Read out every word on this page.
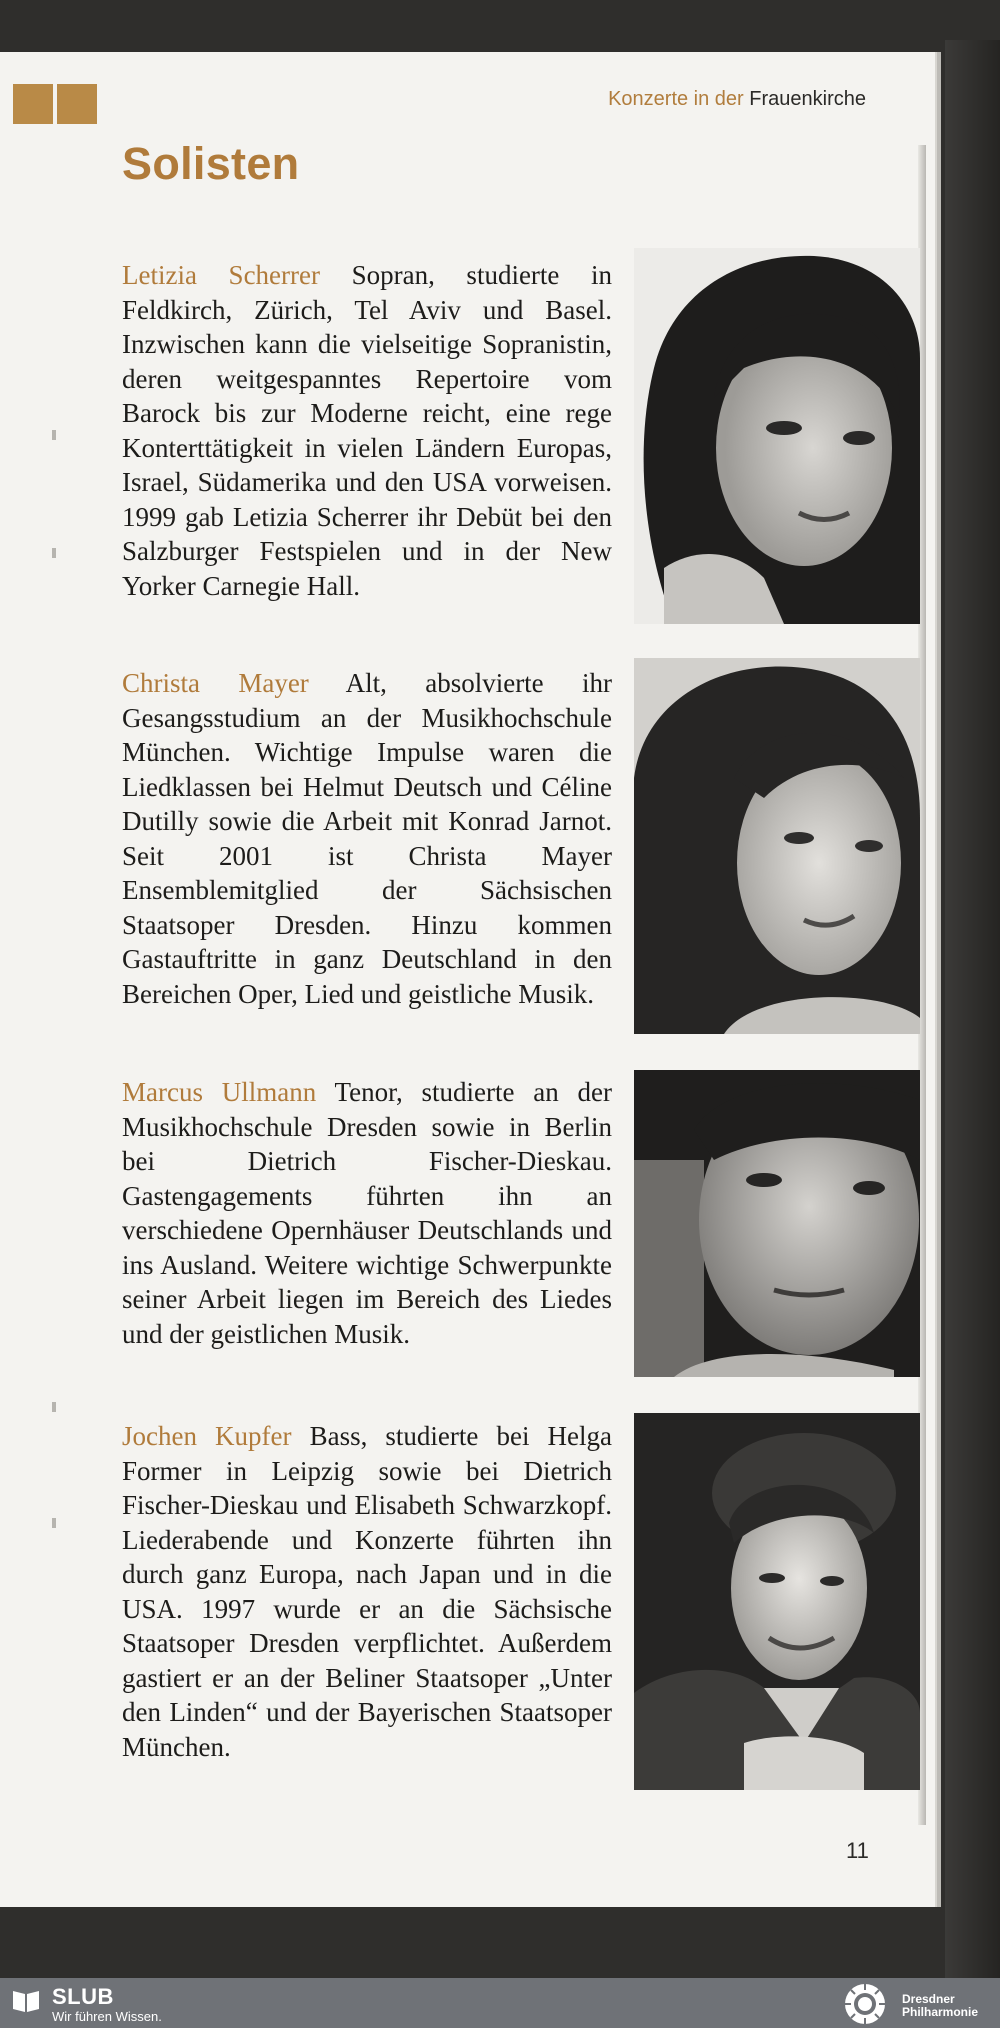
Konzerte in der Frauenkirche
Solisten

Letizia Scherrer Sopran, studierte in Feldkirch, Zürich, Tel Aviv und Basel. Inzwischen kann die vielseitige Sopranistin, deren weitgespanntes Repertoire vom Barock bis zur Moderne reicht, eine rege Konterttätigkeit in vielen Ländern Europas, Israel, Südamerika und den USA vorweisen. 1999 gab Letizia Scherrer ihr Debüt bei den Salzburger Festspielen und in der New Yorker Carnegie Hall.

Christa Mayer Alt, absolvierte ihr Gesangsstudium an der Musikhochschule München. Wichtige Impulse waren die Liedklassen bei Helmut Deutsch und Céline Dutilly sowie die Arbeit mit Konrad Jarnot. Seit 2001 ist Christa Mayer Ensemblemitglied der Sächsischen Staatsoper Dresden. Hinzu kommen Gastauftritte in ganz Deutschland in den Bereichen Oper, Lied und geistliche Musik.

Marcus Ullmann Tenor, studierte an der Musikhochschule Dresden sowie in Berlin bei Dietrich Fischer-Dieskau. Gastengagements führten ihn an verschiedene Opernhäuser Deutschlands und ins Ausland. Weitere wichtige Schwerpunkte seiner Arbeit liegen im Bereich des Liedes und der geistlichen Musik.

Jochen Kupfer Bass, studierte bei Helga Former in Leipzig sowie bei Dietrich Fischer-Dieskau und Elisabeth Schwarzkopf. Liederabende und Konzerte führten ihn durch ganz Europa, nach Japan und in die USA. 1997 wurde er an die Sächsische Staatsoper Dresden verpflichtet. Außerdem gastiert er an der Beliner Staatsoper „Unter den Linden“ und der Bayerischen Staatsoper München.

11
SLUB
Wir führen Wissen.
Dresdner
Philharmonie
